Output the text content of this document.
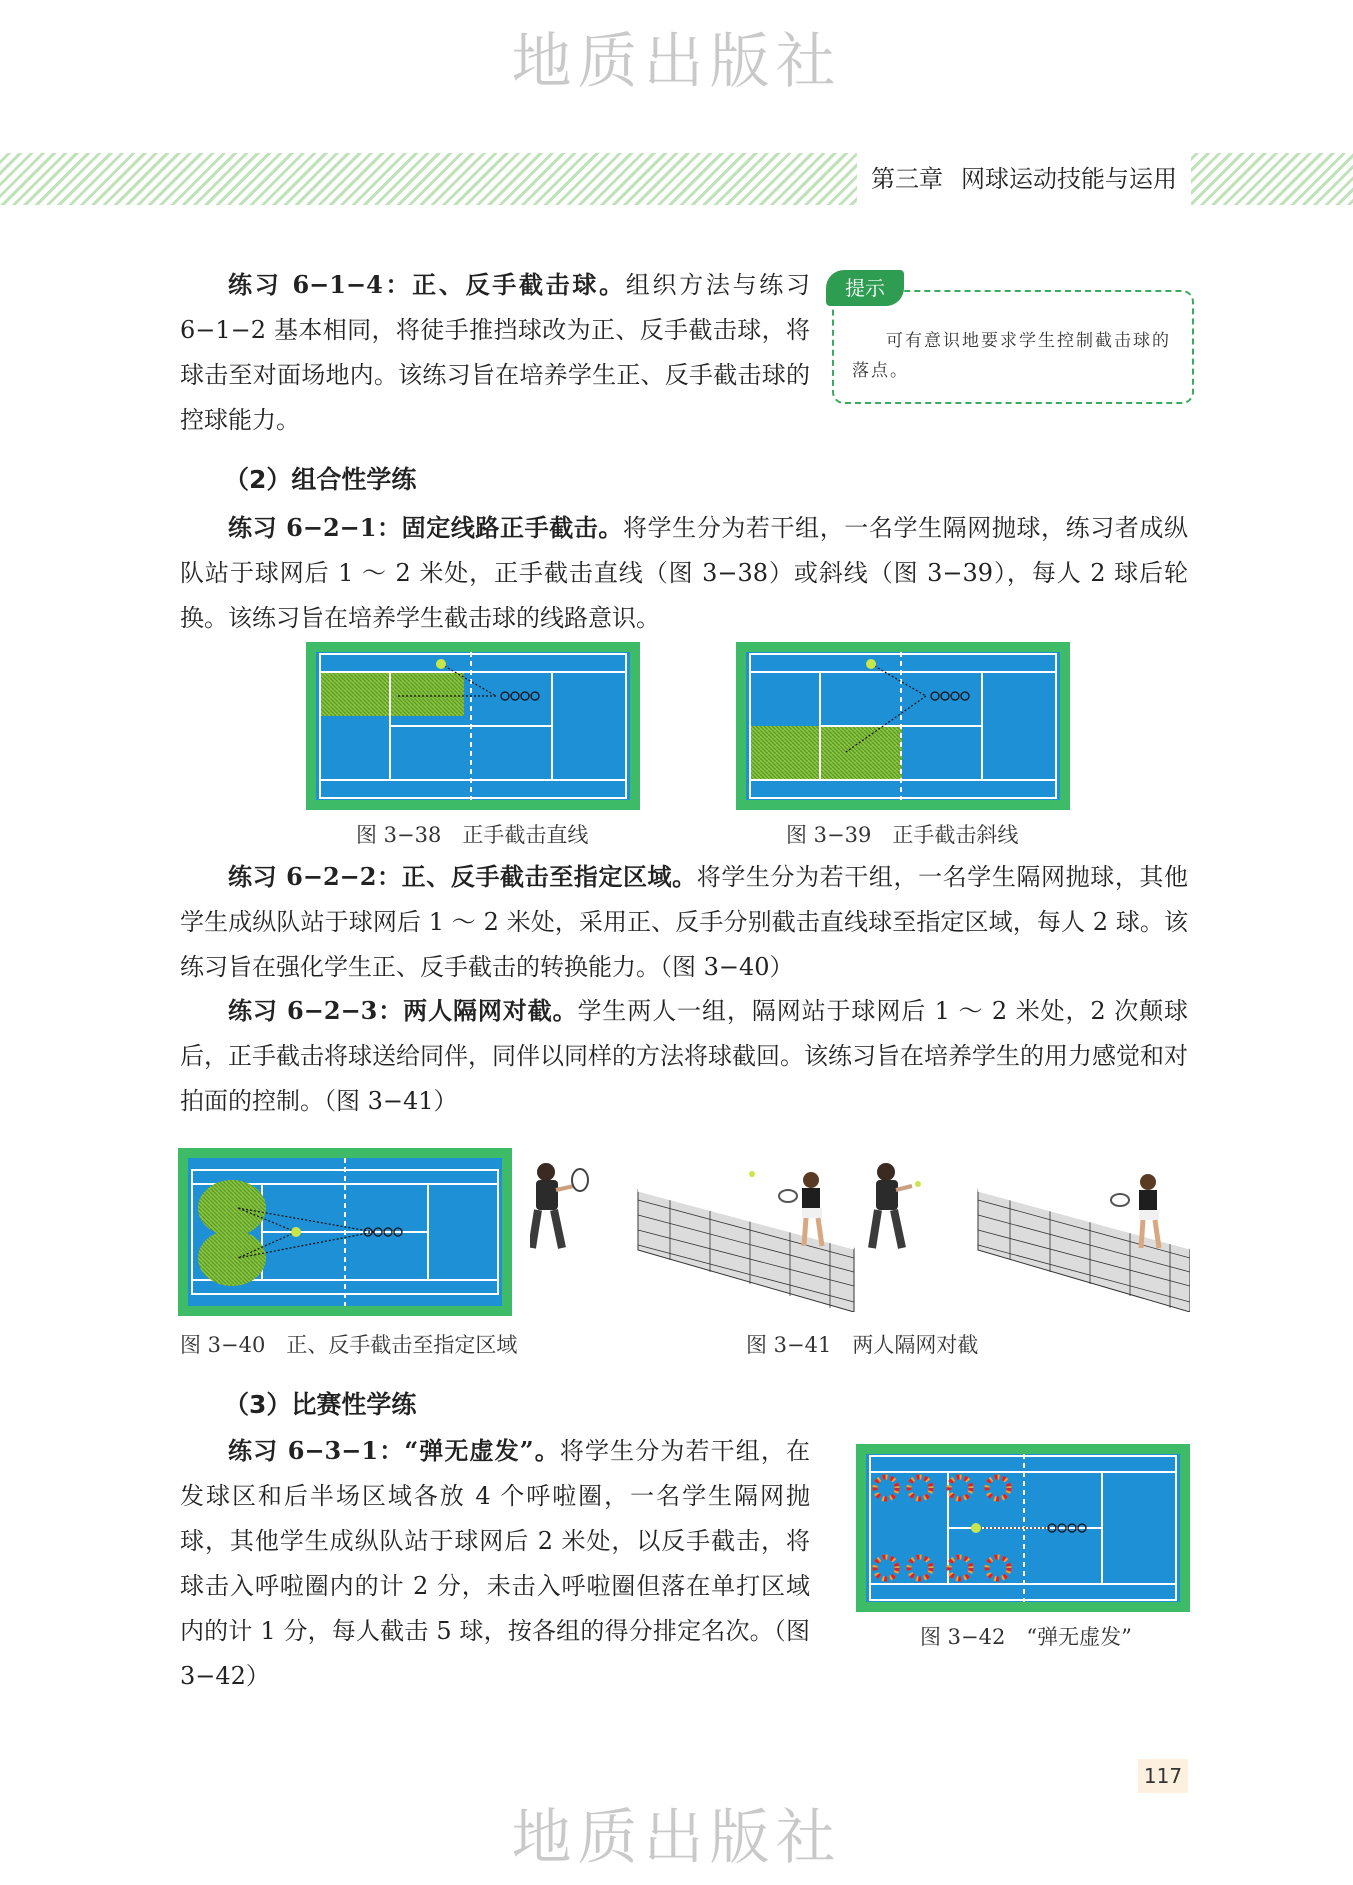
地质出版社
第三章 网球运动技能与运用

练习 6−1−4：正、反手截击球。组织方法与练习 6−1−2 基本相同，将徒手推挡球改为正、反手截击球，将球击至对面场地内。该练习旨在培养学生正、反手截击球的控球能力。

提示
可有意识地要求学生控制截击球的落点。
（2）组合性学练

练习 6−2−1：固定线路正手截击。将学生分为若干组，一名学生隔网抛球，练习者成纵队站于球网后 1 ～ 2 米处，正手截击直线（图 3−38）或斜线（图 3−39），每人 2 球后轮换。该练习旨在培养学生截击球的线路意识。

图 3−38　正手截击直线	图 3−39　正手截击斜线

练习 6−2−2：正、反手截击至指定区域。将学生分为若干组，一名学生隔网抛球，其他学生成纵队站于球网后 1 ～ 2 米处，采用正、反手分别截击直线球至指定区域，每人 2 球。该练习旨在强化学生正、反手截击的转换能力。（图 3−40）

练习 6−2−3：两人隔网对截。学生两人一组，隔网站于球网后 1 ～ 2 米处，2 次颠球后，正手截击将球送给同伴，同伴以同样的方法将球截回。该练习旨在培养学生的用力感觉和对拍面的控制。（图 3−41）

图 3−40　正、反手截击至指定区域	图 3−41　两人隔网对截
（3）比赛性学练

练习 6−3−1：“弹无虚发”。将学生分为若干组，在发球区和后半场区域各放 4 个呼啦圈，一名学生隔网抛球，其他学生成纵队站于球网后 2 米处，以反手截击，将球击入呼啦圈内的计 2 分，未击入呼啦圈但落在单打区域内的计 1 分，每人截击 5 球，按各组的得分排定名次。（图 3−42）

图 3−42　“弹无虚发”
117
地质出版社
